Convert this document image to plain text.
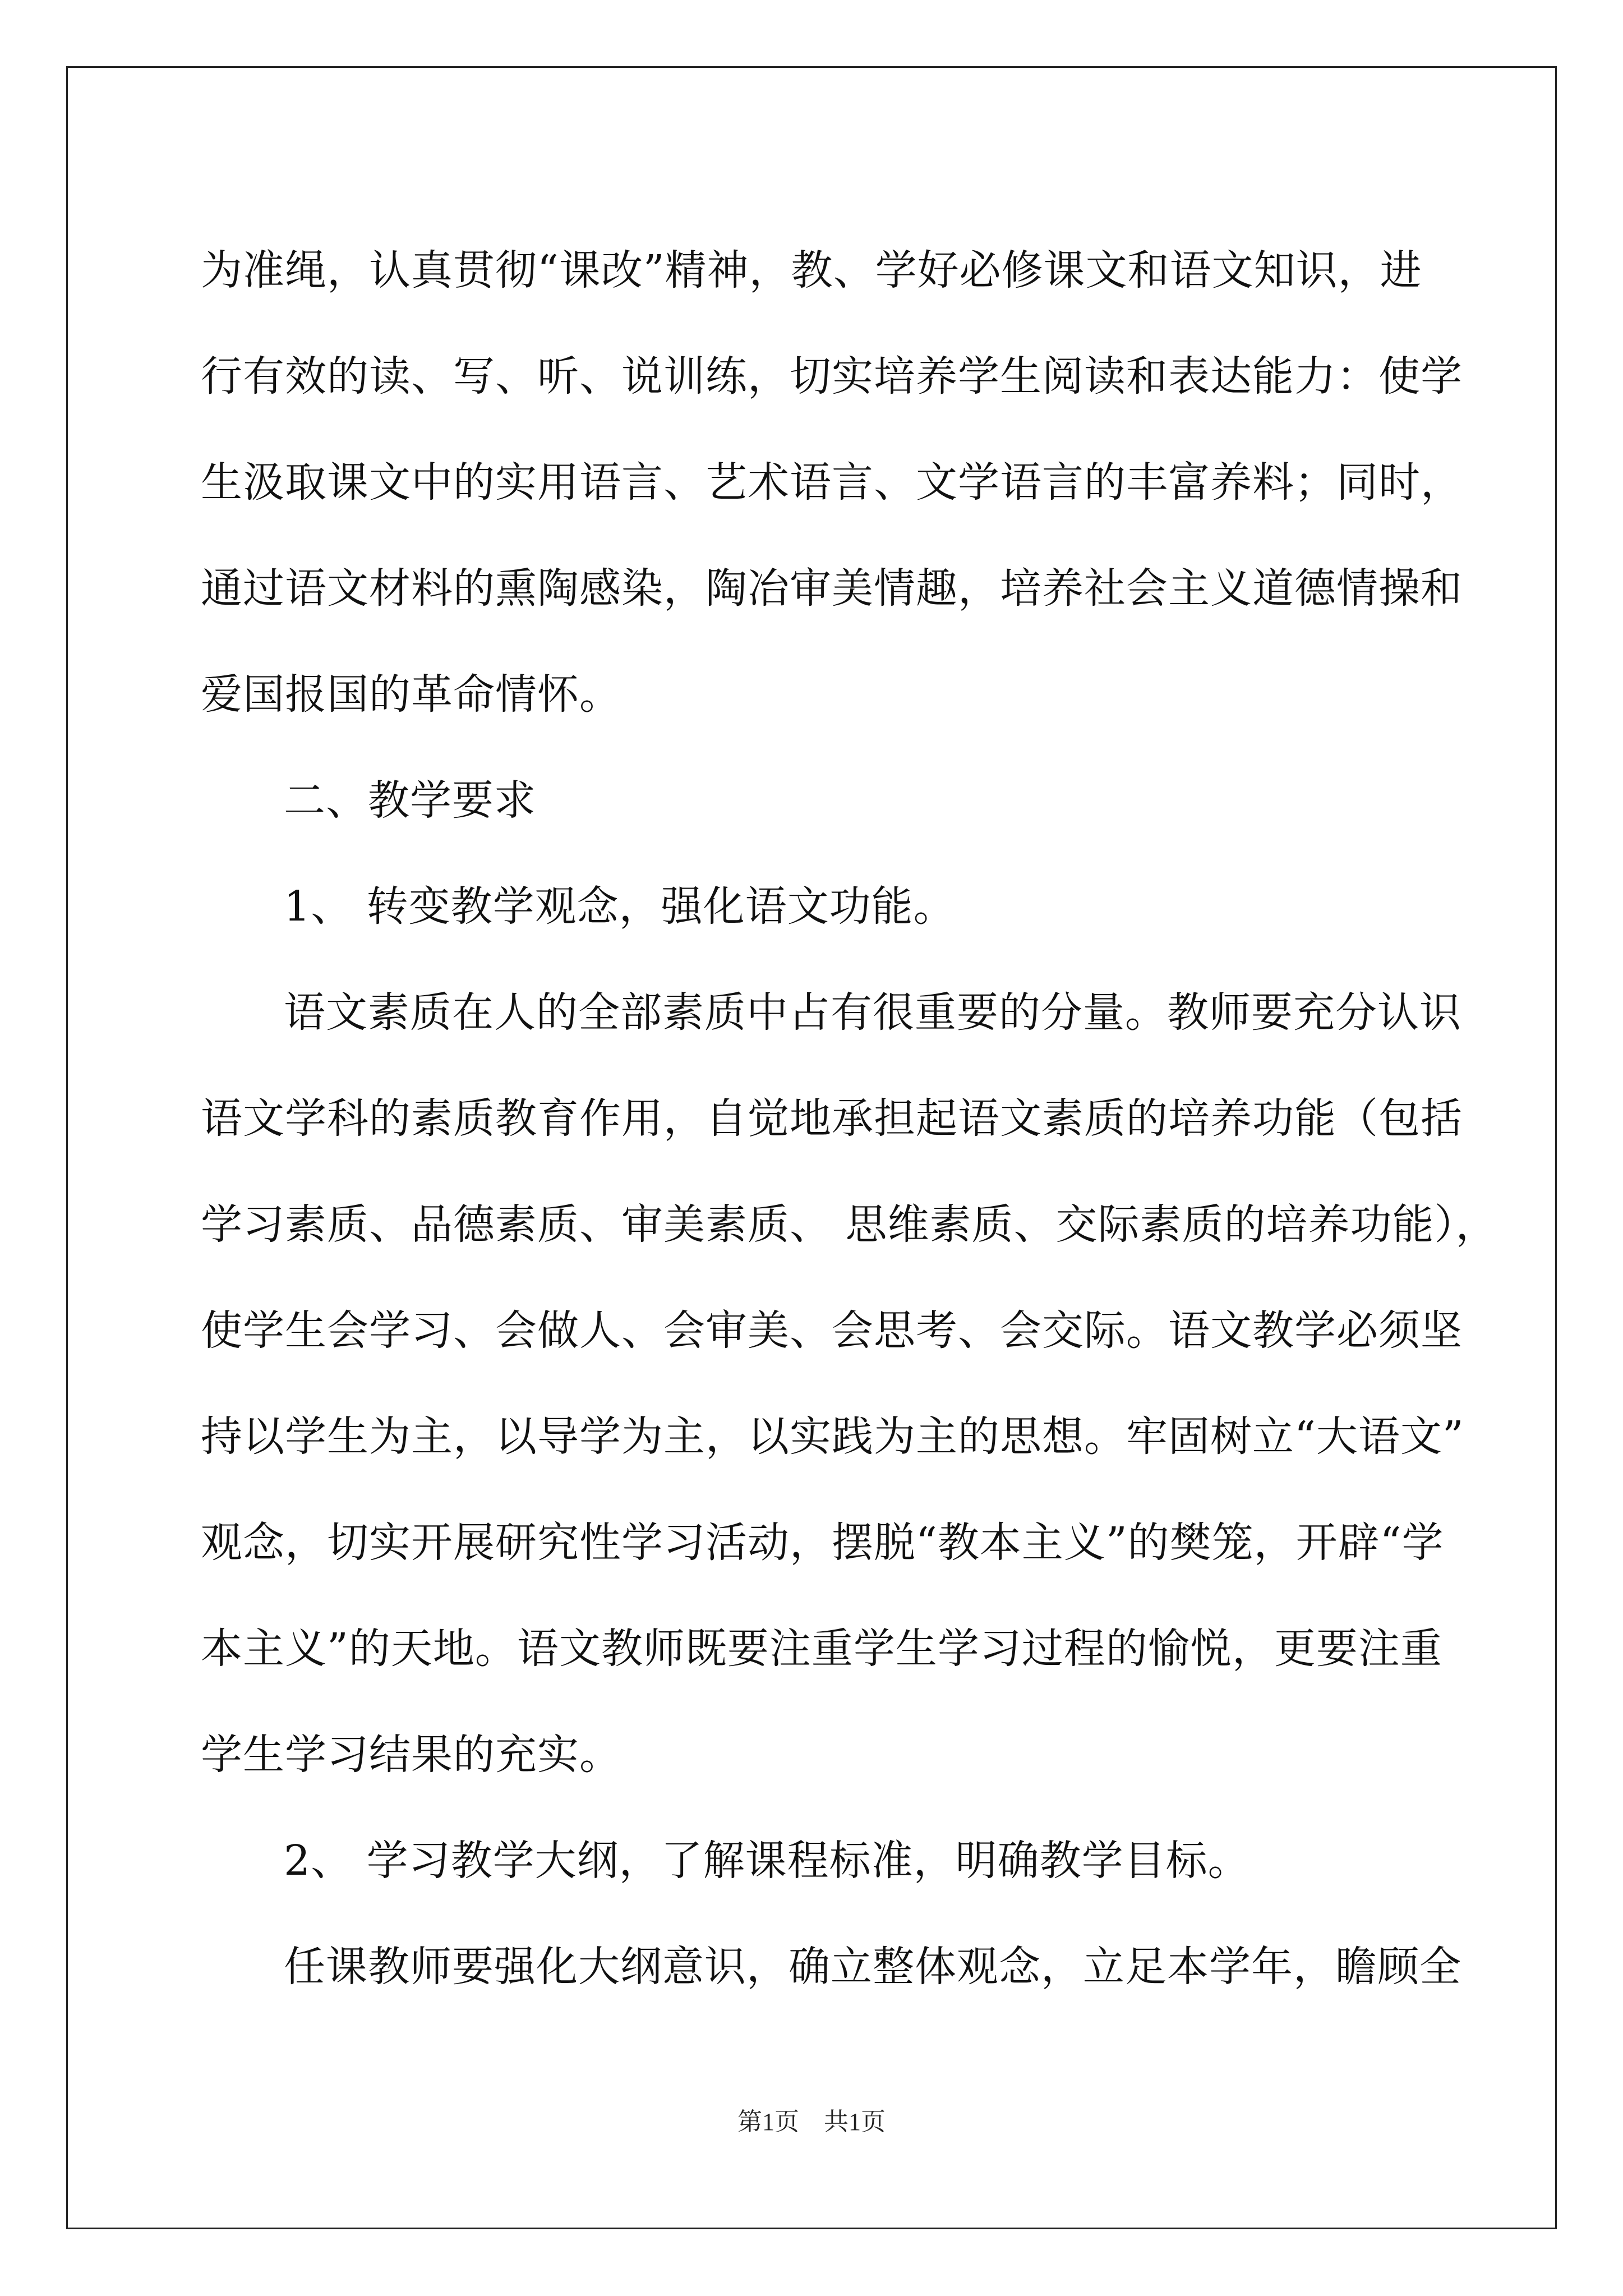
为准绳，认真贯彻“课改”精神，教、学好必修课文和语文知识，进
行有效的读、写、听、说训练，切实培养学生阅读和表达能力：使学
生汲取课文中的实用语言、艺术语言、文学语言的丰富养料；同时，
通过语文材料的熏陶感染，陶冶审美情趣，培养社会主义道德情操和
爱国报国的革命情怀。
二、教学要求
1、 转变教学观念，强化语文功能。
语文素质在人的全部素质中占有很重要的分量。教师要充分认识
语文学科的素质教育作用，自觉地承担起语文素质的培养功能（包括
学习素质、品德素质、审美素质、 思维素质、交际素质的培养功能），
使学生会学习、会做人、会审美、会思考、会交际。语文教学必须坚
持以学生为主，以导学为主，以实践为主的思想。牢固树立“大语文”
观念，切实开展研究性学习活动，摆脱“教本主义”的樊笼，开辟“学
本主义”的天地。语文教师既要注重学生学习过程的愉悦，更要注重
学生学习结果的充实。
2、 学习教学大纲，了解课程标准，明确教学目标。
任课教师要强化大纲意识，确立整体观念，立足本学年，瞻顾全
第1页　共1页
